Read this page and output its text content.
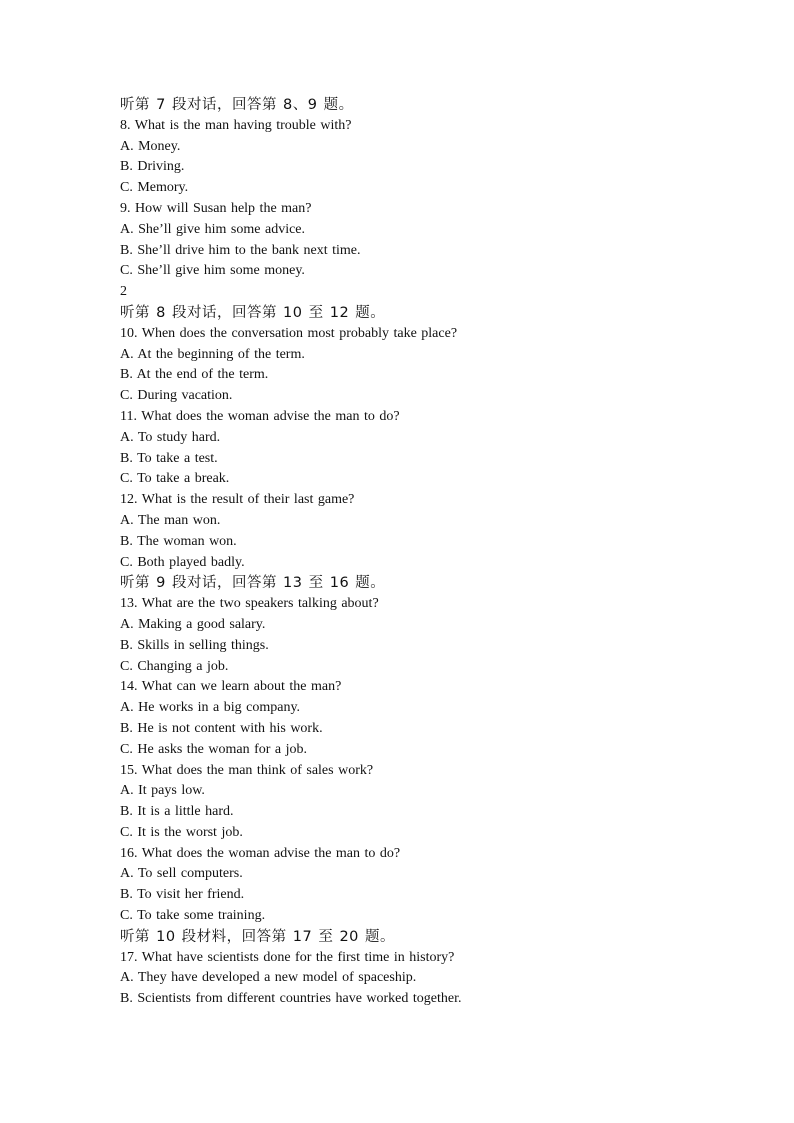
听第 7 段对话，回答第 8、9 题。
8. What is the man having trouble with?
A. Money.
B. Driving.
C. Memory.
9. How will Susan help the man?
A. She’ll give him some advice.
B. She’ll drive him to the bank next time.
C. She’ll give him some money.
2
听第 8 段对话，回答第 10 至 12 题。
10. When does the conversation most probably take place?
A. At the beginning of the term.
B. At the end of the term.
C. During vacation.
11. What does the woman advise the man to do?
A. To study hard.
B. To take a test.
C. To take a break.
12. What is the result of their last game?
A. The man won.
B. The woman won.
C. Both played badly.
听第 9 段对话，回答第 13 至 16 题。
13. What are the two speakers talking about?
A. Making a good salary.
B. Skills in selling things.
C. Changing a job.
14. What can we learn about the man?
A. He works in a big company.
B. He is not content with his work.
C. He asks the woman for a job.
15. What does the man think of sales work?
A. It pays low.
B. It is a little hard.
C. It is the worst job.
16. What does the woman advise the man to do?
A. To sell computers.
B. To visit her friend.
C. To take some training.
听第 10 段材料，回答第 17 至 20 题。
17. What have scientists done for the first time in history?
A. They have developed a new model of spaceship.
B. Scientists from different countries have worked together.
